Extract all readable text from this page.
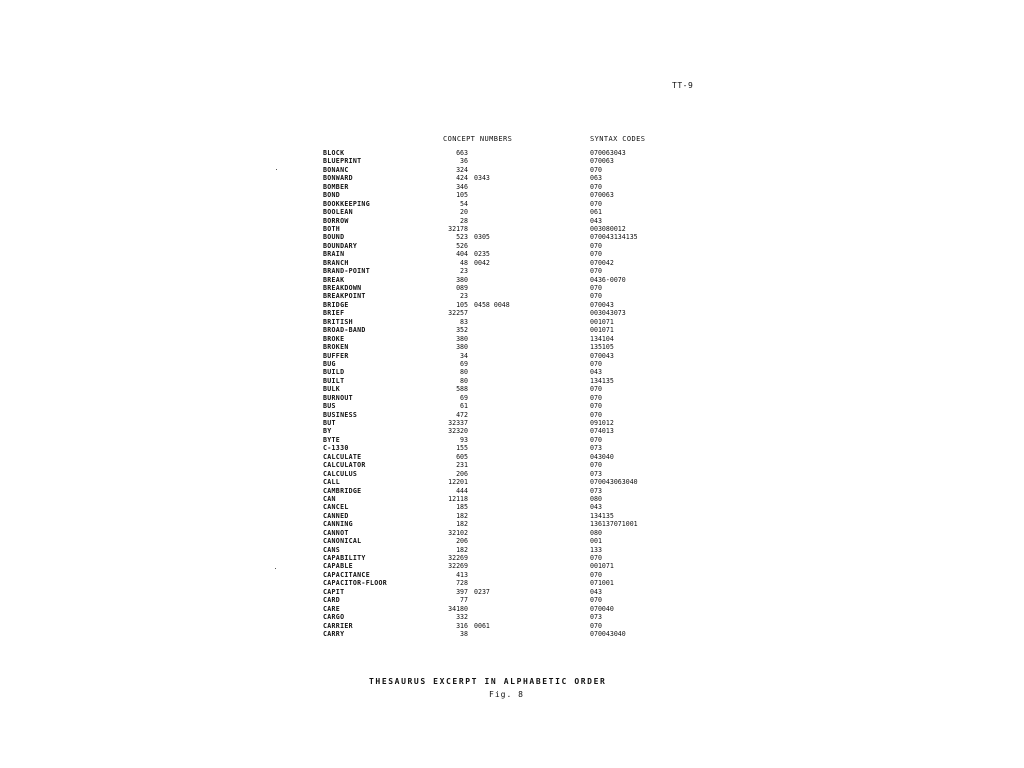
TT-9
CONCEPT NUMBERS	SYNTAX CODES
BLOCK	663	070063043
BLUEPRINT	36	070063
BONANC	324	070
BONWARD	424 0343	063
BOMBER	346	070
BOND	105	070063
BOOKKEEPING	54	070
BOOLEAN	20	061
BORROW	28	043
BOTH	32178	003080012
BOUND	523 0305	070043134135
BOUNDARY	526	070
BRAIN	404 0235	070
BRANCH	48 0042	070042
BRAND-POINT	23	070
BREAK	380	0436-0070
BREAKDOWN	089	070
BREAKPOINT	23	070
BRIDGE	105 0458 0048	070043
BRIEF	32257	003043073
BRITISH	83	001071
BROAD-BAND	352	001071
BROKE	380	134104
BROKEN	380	135105
BUFFER	34	070043
BUG	69	070
BUILD	80	043
BUILT	80	134135
BULK	588	070
BURNOUT	69	070
BUS	61	070
BUSINESS	472	070
BUT	32337	091012
BY	32320	074013
BYTE	93	070
C-1330	155	073
CALCULATE	605	043040
CALCULATOR	231	070
CALCULUS	206	073
CALL	12201	070043063040
CAMBRIDGE	444	073
CAN	12118	080
CANCEL	185	043
CANNED	182	134135
CANNING	182	136137071001
CANNOT	32102	080
CANONICAL	206	001
CANS	182	133
CAPABILITY	32269	070
CAPABLE	32269	001071
CAPACITANCE	413	070
CAPACITOR-FLOOR	728	071001
CAPIT	397 0237	043
CARD	77	070
CARE	34180	070040
CARGO	332	073
CARRIER	316 0061	070
CARRY	38	070043040
THESAURUS EXCERPT IN ALPHABETIC ORDER
Fig. 8
